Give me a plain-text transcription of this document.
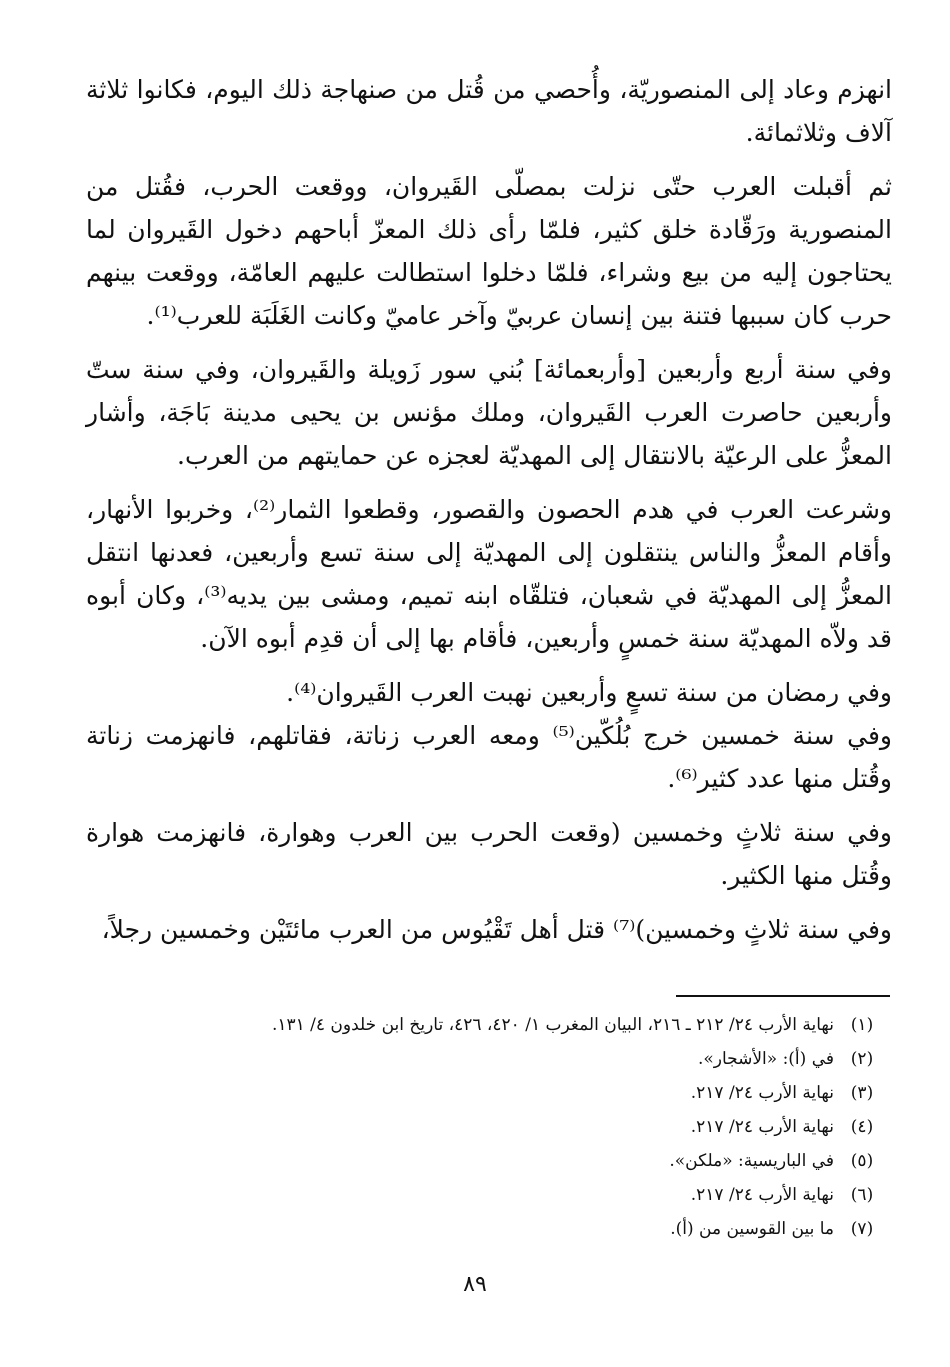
انهزم وعاد إلى المنصوريّة، وأُحصي من قُتل من صنهاجة ذلك اليوم، فكانوا ثلاثة آلاف وثلاثمائة.

ثم أقبلت العرب حتّى نزلت بمصلّى القَيروان، ووقعت الحرب، فقُتل من المنصورية ورَقّادة خلق كثير، فلمّا رأى ذلك المعزّ أباحهم دخول القَيروان لما يحتاجون إليه من بيع وشراء، فلمّا دخلوا استطالت عليهم العامّة، ووقعت بينهم حرب كان سببها فتنة بين إنسان عربيّ وآخر عاميّ وكانت الغَلَبَة للعرب⁽¹⁾.

وفي سنة أربع وأربعين [وأربعمائة] بُني سور زَويلة والقَيروان، وفي سنة ستّ وأربعين حاصرت العرب القَيروان، وملك مؤنس بن يحيى مدينة بَاجَة، وأشار المعزُّ على الرعيّة بالانتقال إلى المهديّة لعجزه عن حمايتهم من العرب.

وشرعت العرب في هدم الحصون والقصور، وقطعوا الثمار⁽²⁾، وخربوا الأنهار، وأقام المعزُّ والناس ينتقلون إلى المهديّة إلى سنة تسع وأربعين، فعدنها انتقل المعزُّ إلى المهديّة في شعبان، فتلقّاه ابنه تميم، ومشى بين يديه⁽³⁾، وكان أبوه قد ولاّه المهديّة سنة خمسٍ وأربعين، فأقام بها إلى أن قدِم أبوه الآن.

وفي رمضان من سنة تسعٍ وأربعين نهبت العرب القَيروان⁽⁴⁾.

وفي سنة خمسين خرج بُلُكّين⁽⁵⁾ ومعه العرب زناتة، فقاتلهم، فانهزمت زناتة وقُتل منها عدد كثير⁽⁶⁾.

وفي سنة ثلاثٍ وخمسين (وقعت الحرب بين العرب وهوارة، فانهزمت هوارة وقُتل منها الكثير.

وفي سنة ثلاثٍ وخمسين)⁽⁷⁾ قتل أهل تَقْيُوس من العرب مائتَيْن وخمسين رجلاً،

(١)
نهاية الأرب ٢٤/ ٢١٢ ـ ٢١٦، البيان المغرب ١/ ٤٢٠، ٤٢٦، تاريخ ابن خلدون ٤/ ١٣١.
(٢)
في (أ): «الأشجار».
(٣)
نهاية الأرب ٢٤/ ٢١٧.
(٤)
نهاية الأرب ٢٤/ ٢١٧.
(٥)
في الباريسية: «ملكن».
(٦)
نهاية الأرب ٢٤/ ٢١٧.
(٧)
ما بين القوسين من (أ).
٨٩
